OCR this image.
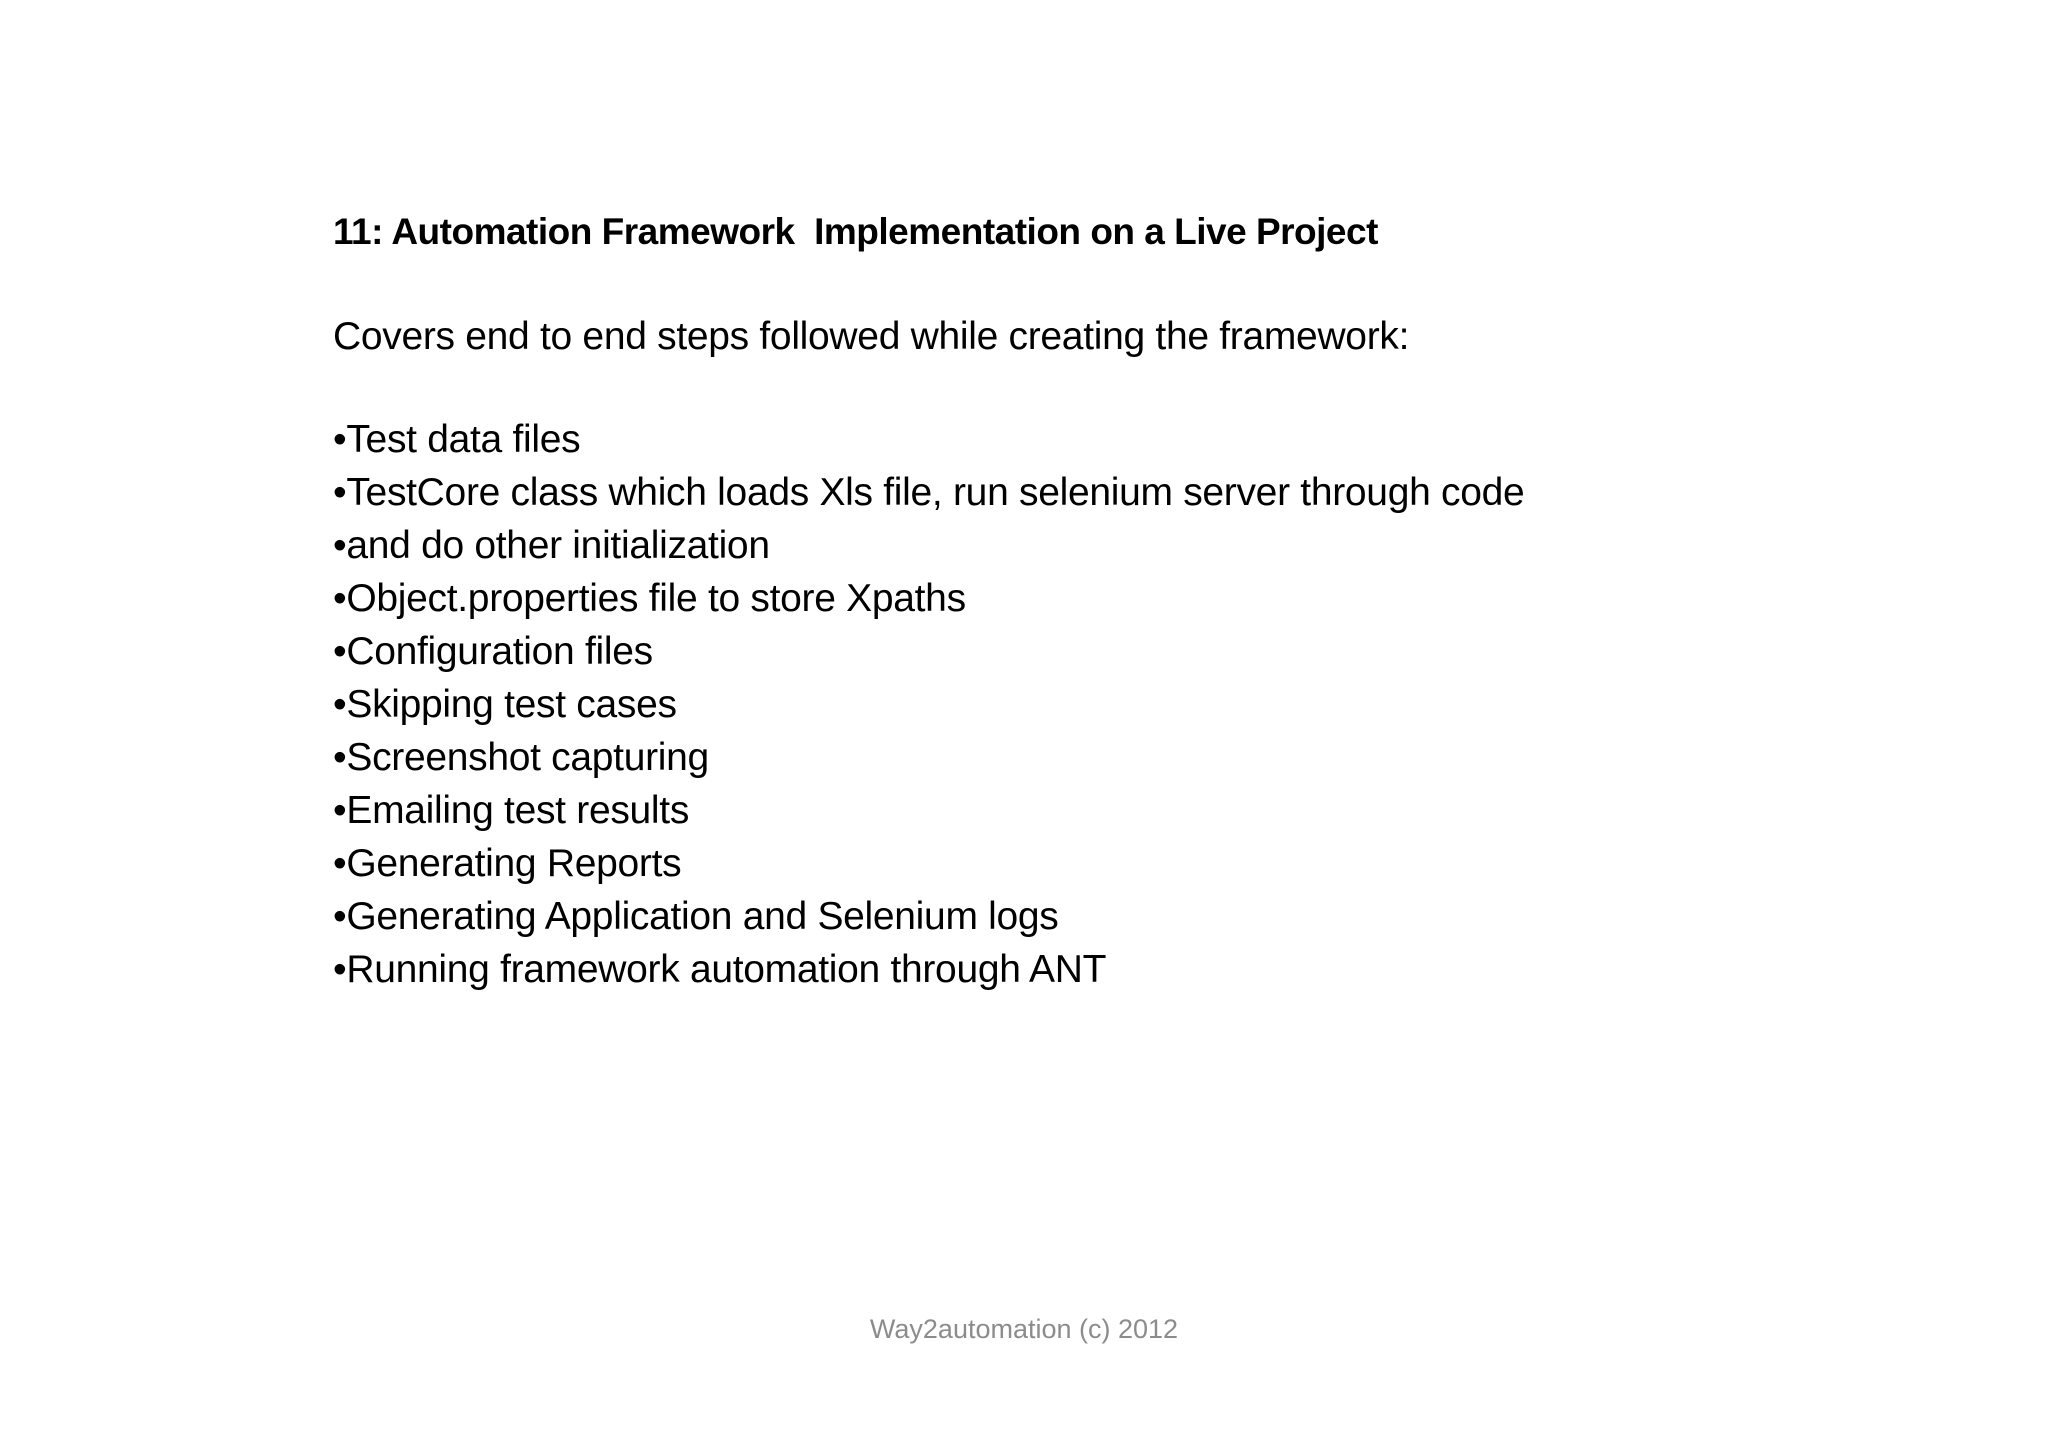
11: Automation Framework  Implementation on a Live Project

Covers end to end steps followed while creating the framework:

•Test data files
•TestCore class which loads Xls file, run selenium server through code
•and do other initialization
•Object.properties file to store Xpaths
•Configuration files
•Skipping test cases
•Screenshot capturing
•Emailing test results
•Generating Reports
•Generating Application and Selenium logs
•Running framework automation through ANT
Way2automation (c) 2012
